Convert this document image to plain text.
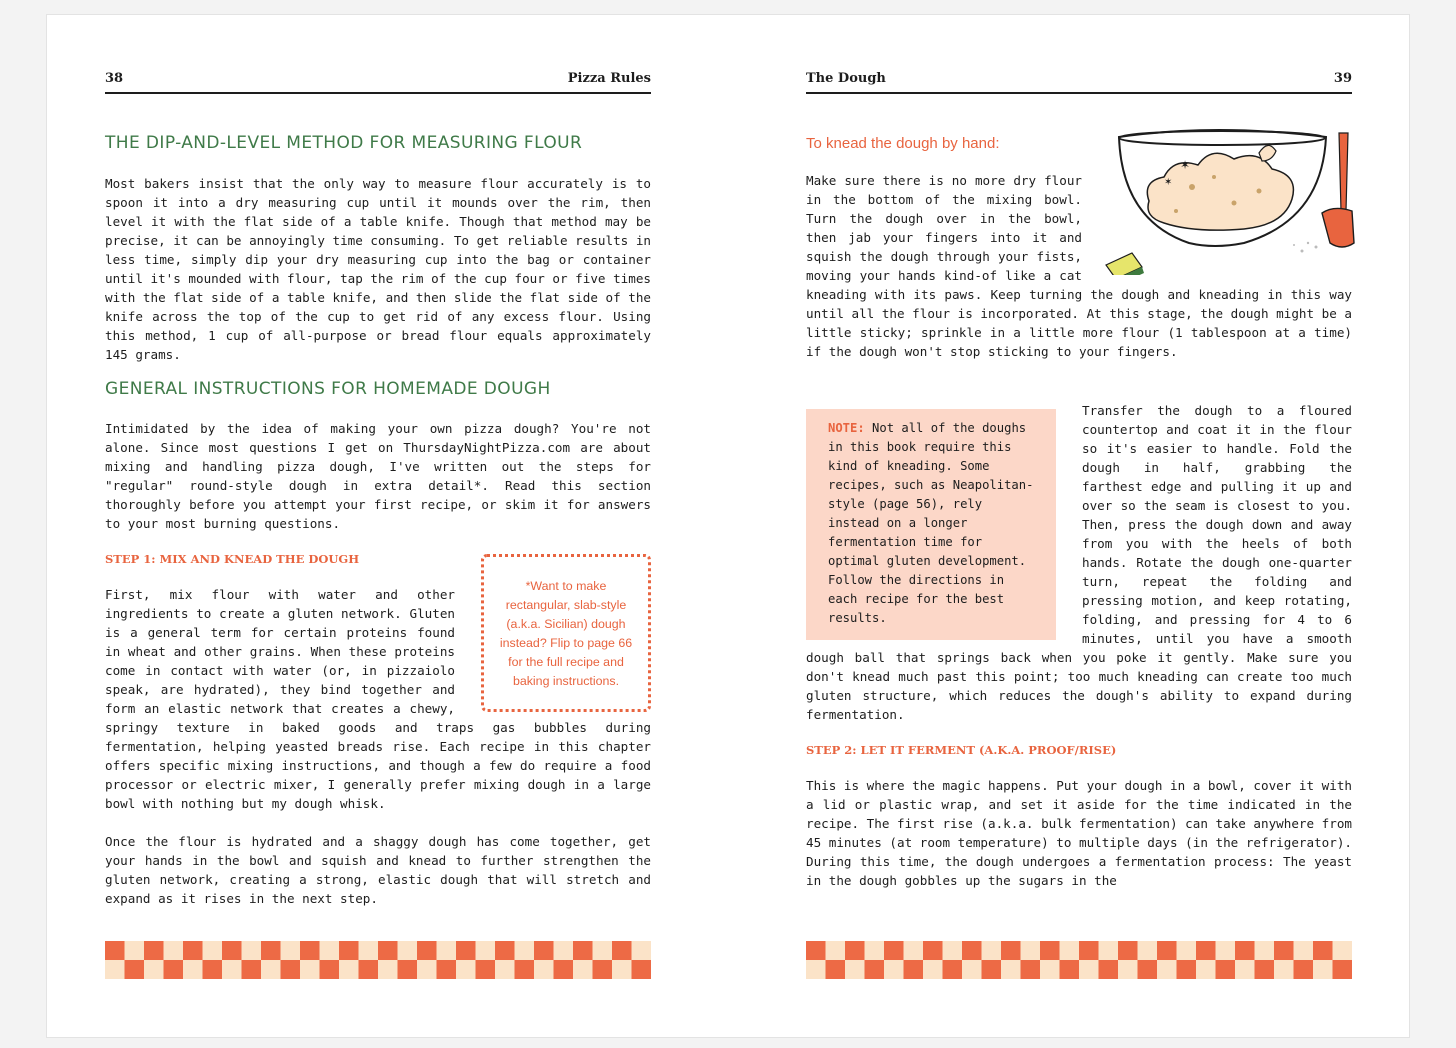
38	Pizza Rules
THE DIP-AND-LEVEL METHOD FOR MEASURING FLOUR

Most bakers insist that the only way to measure flour accurately is to spoon it into a dry measuring cup until it mounds over the rim, then level it with the flat side of a table knife. Though that method may be precise, it can be annoyingly time consuming. To get reliable results in less time, simply dip your dry measuring cup into the bag or container until it's mounded with flour, tap the rim of the cup four or five times with the flat side of a table knife, and then slide the flat side of the knife across the top of the cup to get rid of any excess flour. Using this method, 1 cup of all-purpose or bread flour equals approximately 145 grams.

GENERAL INSTRUCTIONS FOR HOMEMADE DOUGH

Intimidated by the idea of making your own pizza dough? You're not alone. Since most questions I get on ThursdayNightPizza.com are about mixing and handling pizza dough, I've written out the steps for "regular" round-style dough in extra detail*. Read this section thoroughly before you attempt your first recipe, or skim it for answers to your most burning questions.

*Want to make rectangular, slab-style (a.k.a. Sicilian) dough instead? Flip to page 66 for the full recipe and baking instructions.

STEP 1: MIX AND KNEAD THE DOUGH

First, mix flour with water and other ingredients to create a gluten network. Gluten is a general term for certain proteins found in wheat and other grains. When these proteins come in contact with water (or, in pizzaiolo speak, are hydrated), they bind together and form an elastic network that creates a chewy, springy texture in baked goods and traps gas bubbles during fermentation, helping yeasted breads rise. Each recipe in this chapter offers specific mixing instructions, and though a few do require a food processor or electric mixer, I generally prefer mixing dough in a large bowl with nothing but my dough whisk.

Once the flour is hydrated and a shaggy dough has come together, get your hands in the bowl and squish and knead to further strengthen the gluten network, creating a strong, elastic dough that will stretch and expand as it rises in the next step.

39
The Dough
✶
✶

To knead the dough by hand:

Make sure there is no more dry flour in the bottom of the mixing bowl. Turn the dough over in the bowl, then jab your fingers into it and squish the dough through your fists, moving your hands kind-of like a cat kneading with its paws. Keep turning the dough and kneading in this way until all the flour is incorporated. At this stage, the dough might be a little sticky; sprinkle in a little more flour (1 tablespoon at a time) if the dough won't stop sticking to your fingers.

NOTE: Not all of the doughs in this book require this kind of kneading. Some recipes, such as Neapolitan-style (page 56), rely instead on a longer fermentation time for optimal gluten development. Follow the directions in each recipe for the best results.

Transfer the dough to a floured countertop and coat it in the flour so it's easier to handle. Fold the dough in half, grabbing the farthest edge and pulling it up and over so the seam is closest to you. Then, press the dough down and away from you with the heels of both hands. Rotate the dough one-quarter turn, repeat the folding and pressing motion, and keep rotating, folding, and pressing for 4 to 6 minutes, until you have a smooth dough ball that springs back when you poke it gently. Make sure you don't knead much past this point; too much kneading can create too much gluten structure, which reduces the dough's ability to expand during fermentation.

STEP 2: LET IT FERMENT (A.K.A. PROOF/RISE)

This is where the magic happens. Put your dough in a bowl, cover it with a lid or plastic wrap, and set it aside for the time indicated in the recipe. The first rise (a.k.a. bulk fermentation) can take anywhere from 45 minutes (at room temperature) to multiple days (in the refrigerator). During this time, the dough undergoes a fermentation process: The yeast in the dough gobbles up the sugars in the
